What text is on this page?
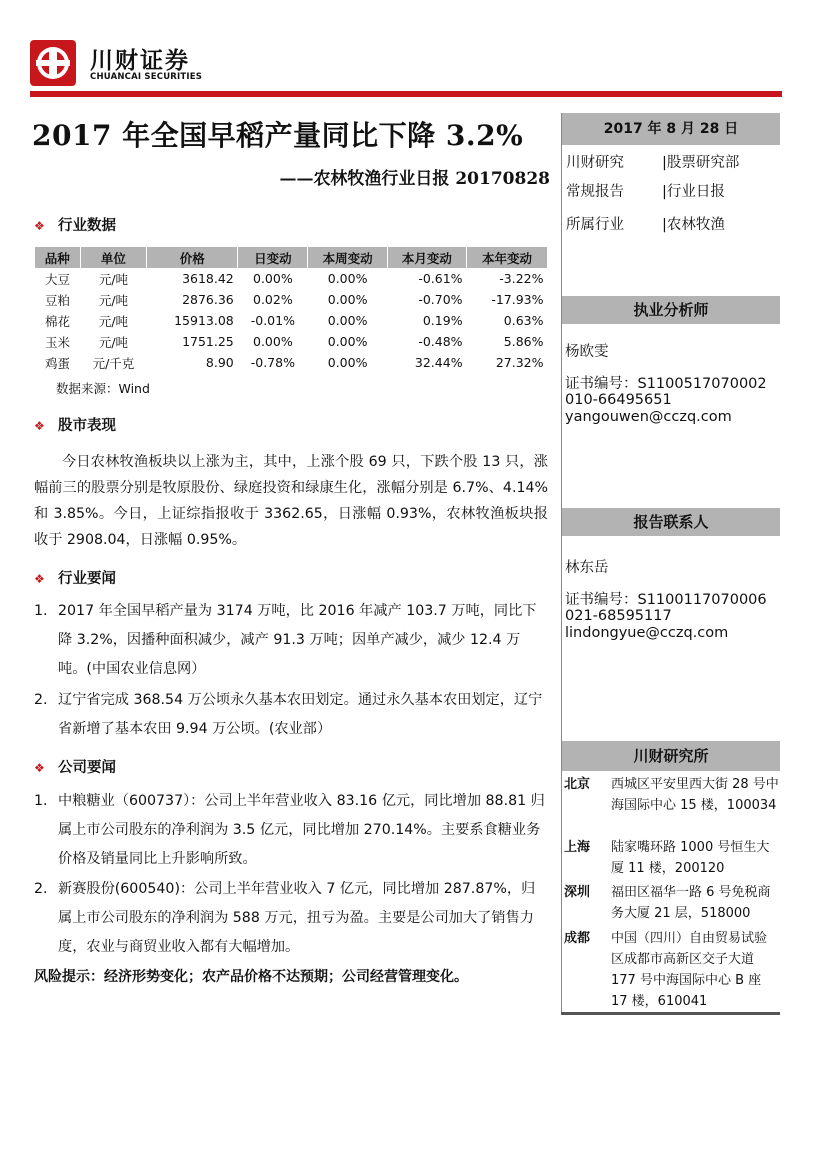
川财证券
CHUANCAI SECURITIES
2017 年全国早稻产量同比下降 3.2%
——农林牧渔行业日报 20170828
2017 年 8 月 28 日
川财研究	|股票研究部
常规报告	|行业日报
所属行业	|农林牧渔
执业分析师
杨欧雯
证书编号：S1100517070002
010-66495651
yangouwen@cczq.com
报告联系人
林东岳
证书编号：S1100117070006
021-68595117
lindongyue@cczq.com
川财研究所
北京 西城区平安里西大街 28 号中海国际中心 15 楼，100034
上海 陆家嘴环路 1000 号恒生大厦 11 楼，200120
深圳 福田区福华一路 6 号免税商务大厦 21 层，518000
成都 中国（四川）自由贸易试验区成都市高新区交子大道 177 号中海国际中心 B 座 17 楼，610041
❖ 行业数据
品种	单位	价格	日变动	本周变动	本月变动	本年变动
大豆	元/吨	3618.42	0.00%	0.00%	-0.61%	-3.22%
豆粕	元/吨	2876.36	0.02%	0.00%	-0.70%	-17.93%
棉花	元/吨	15913.08	-0.01%	0.00%	0.19%	0.63%
玉米	元/吨	1751.25	0.00%	0.00%	-0.48%	5.86%
鸡蛋	元/千克	8.90	-0.78%	0.00%	32.44%	27.32%
数据来源：Wind
❖ 股市表现
今日农林牧渔板块以上涨为主，其中，上涨个股 69 只，下跌个股 13 只，涨幅前三的股票分别是牧原股份、绿庭投资和绿康生化，涨幅分别是 6.7%、4.14%和 3.85%。今日，上证综指报收于 3362.65，日涨幅 0.93%，农林牧渔板块报收于 2908.04，日涨幅 0.95%。
❖ 行业要闻
1. 2017 年全国早稻产量为 3174 万吨，比 2016 年减产 103.7 万吨，同比下降 3.2%，因播种面积减少，减产 91.3 万吨；因单产减少，减少 12.4 万吨。(中国农业信息网）
2. 辽宁省完成 368.54 万公顷永久基本农田划定。通过永久基本农田划定，辽宁省新增了基本农田 9.94 万公顷。(农业部）
❖ 公司要闻
1. 中粮糖业（600737）：公司上半年营业收入 83.16 亿元，同比增加 88.81 归属上市公司股东的净利润为 3.5 亿元，同比增加 270.14%。主要系食糖业务价格及销量同比上升影响所致。
2. 新赛股份(600540)：公司上半年营业收入 7 亿元，同比增加 287.87%，归属上市公司股东的净利润为 588 万元，扭亏为盈。主要是公司加大了销售力度，农业与商贸业收入都有大幅增加。
风险提示：经济形势变化；农产品价格不达预期；公司经营管理变化。
